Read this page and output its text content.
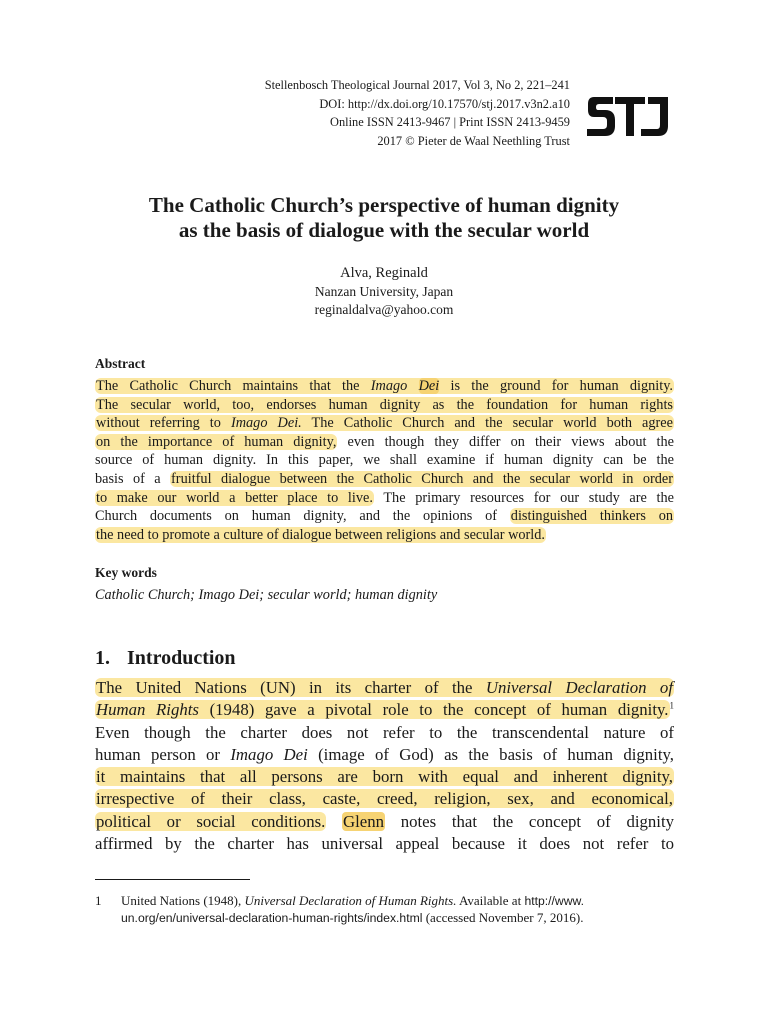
Stellenbosch Theological Journal 2017, Vol 3, No 2, 221–241
DOI: http://dx.doi.org/10.17570/stj.2017.v3n2.a10
Online ISSN 2413-9467 | Print ISSN 2413-9459
2017 © Pieter de Waal Neethling Trust
The Catholic Church’s perspective of human dignity
as the basis of dialogue with the secular world
Alva, Reginald
Nanzan University, Japan
reginaldalva@yahoo.com
Abstract
The Catholic Church maintains that the Imago Dei is the ground for human dignity.
The secular world, too, endorses human dignity as the foundation for human rights
without referring to Imago Dei. The Catholic Church and the secular world both agree
on the importance of human dignity, even though they differ on their views about the
source of human dignity. In this paper, we shall examine if human dignity can be the
basis of a fruitful dialogue between the Catholic Church and the secular world in order
to make our world a better place to live. The primary resources for our study are the
Church documents on human dignity, and the opinions of distinguished thinkers on
the need to promote a culture of dialogue between religions and secular world.
Key words
Catholic Church; Imago Dei; secular world; human dignity
1. Introduction
The United Nations (UN) in its charter of the Universal Declaration of
Human Rights (1948) gave a pivotal role to the concept of human dignity.$^1$
Even though the charter does not refer to the transcendental nature of
human person or Imago Dei (image of God) as the basis of human dignity,
it maintains that all persons are born with equal and inherent dignity,
irrespective of their class, caste, creed, religion, sex, and economical,
political or social conditions. Glenn notes that the concept of dignity
affirmed by the charter has universal appeal because it does not refer to
1 United Nations (1948), Universal Declaration of Human Rights. Available at http://www.
un.org/en/universal-declaration-human-rights/index.html (accessed November 7, 2016).
